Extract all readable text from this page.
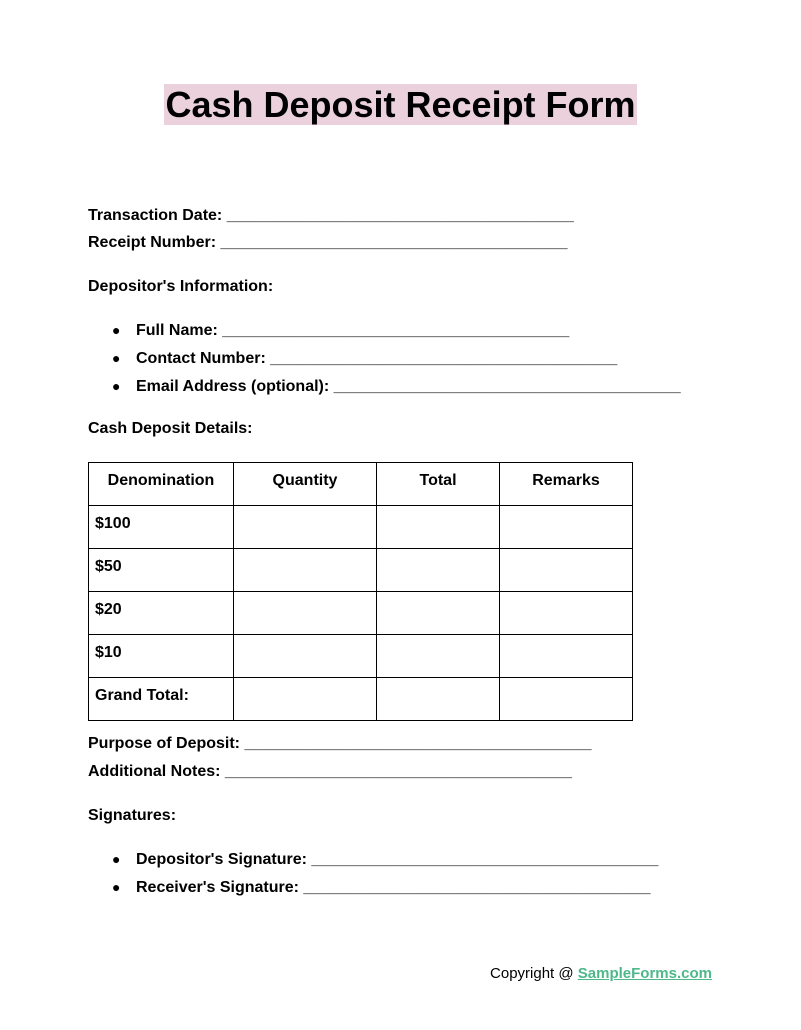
Cash Deposit Receipt Form
Transaction Date: _______________________________________
Receipt Number: _______________________________________
Depositor's Information:
● Full Name: _______________________________________
● Contact Number: _______________________________________
● Email Address (optional): _______________________________________
Cash Deposit Details:
Denomination	Quantity	Total	Remarks
$100			
$50			
$20			
$10			
Grand Total:			
Purpose of Deposit: _______________________________________
Additional Notes: _______________________________________
Signatures:
● Depositor's Signature: _______________________________________
● Receiver's Signature: _______________________________________
Copyright @ SampleForms.com
